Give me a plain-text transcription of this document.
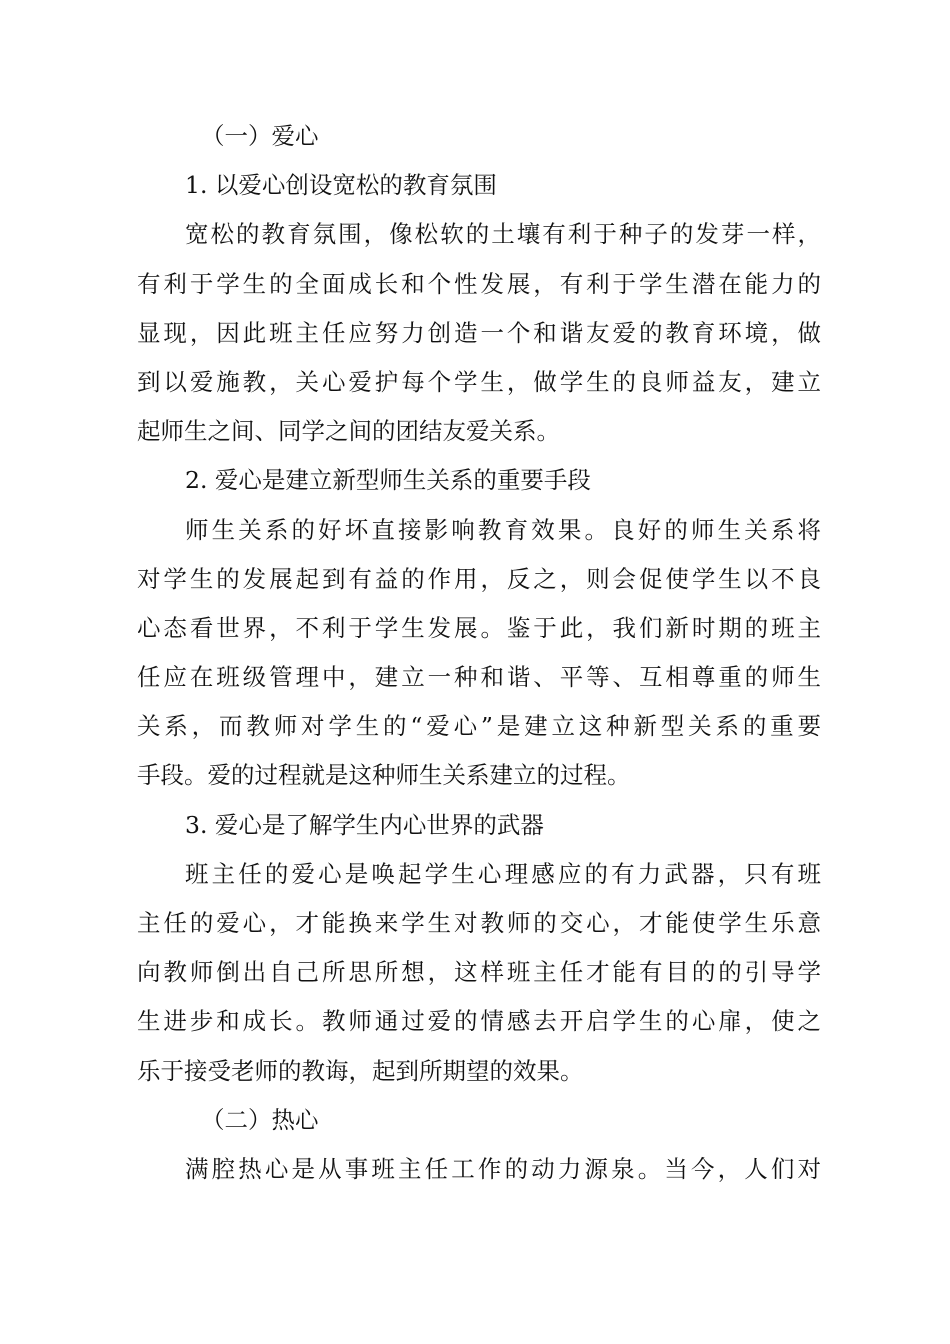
（一）爱心
1. 以爱心创设宽松的教育氛围
宽松的教育氛围，像松软的土壤有利于种子的发芽一样，
有利于学生的全面成长和个性发展，有利于学生潜在能力的
显现，因此班主任应努力创造一个和谐友爱的教育环境，做
到以爱施教，关心爱护每个学生，做学生的良师益友，建立
起师生之间、同学之间的团结友爱关系。
2. 爱心是建立新型师生关系的重要手段
师生关系的好坏直接影响教育效果。良好的师生关系将
对学生的发展起到有益的作用，反之，则会促使学生以不良
心态看世界，不利于学生发展。鉴于此，我们新时期的班主
任应在班级管理中，建立一种和谐、平等、互相尊重的师生
关系，而教师对学生的“爱心”是建立这种新型关系的重要
手段。爱的过程就是这种师生关系建立的过程。
3. 爱心是了解学生内心世界的武器
班主任的爱心是唤起学生心理感应的有力武器，只有班
主任的爱心，才能换来学生对教师的交心，才能使学生乐意
向教师倒出自己所思所想，这样班主任才能有目的的引导学
生进步和成长。教师通过爱的情感去开启学生的心扉，使之
乐于接受老师的教诲，起到所期望的效果。
（二）热心
满腔热心是从事班主任工作的动力源泉。当今，人们对
